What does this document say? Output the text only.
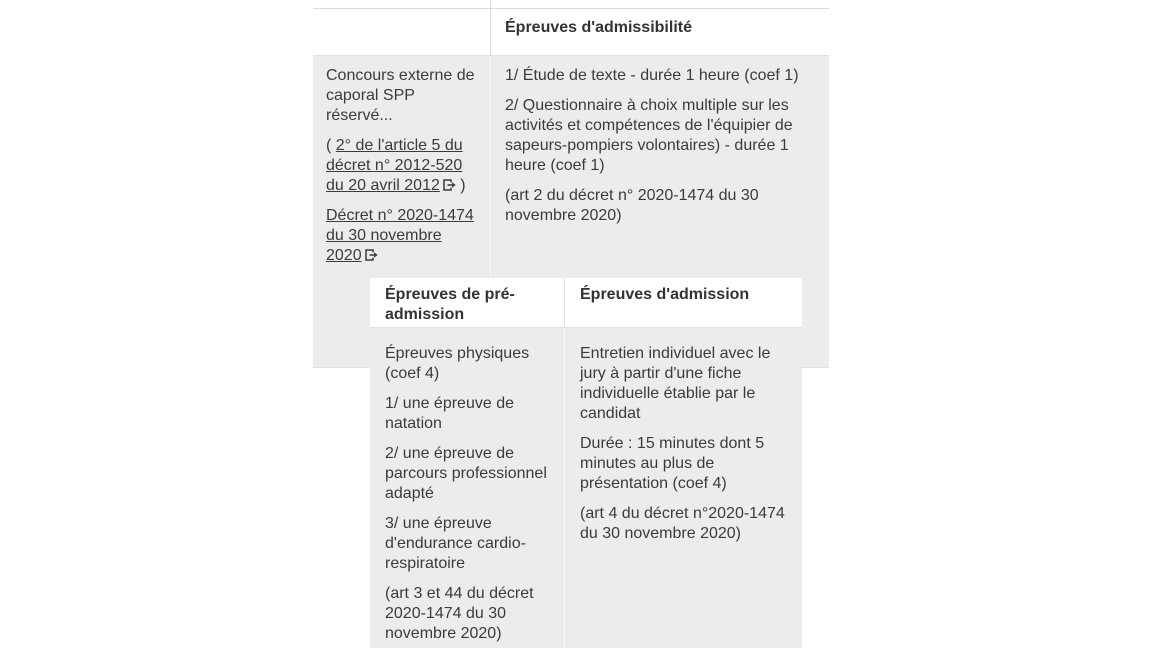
Épreuves d'admissibilité

Concours externe de caporal SPP réservé...

( 2° de l'article 5 du décret n° 2012-520 du 20 avril 2012
)

Décret n° 2020-1474 du 30 novembre 2020

1/ Étude de texte - durée 1 heure (coef 1)

2/ Questionnaire à choix multiple sur les activités et compétences de l'équipier de sapeurs-pompiers volontaires) - durée 1 heure (coef 1)

(art 2 du décret n° 2020-1474 du 30 novembre 2020)

Épreuves de pré-admission
Épreuves d'admission

Épreuves physiques (coef 4)

1/ une épreuve de natation

2/ une épreuve de parcours professionnel adapté

3/ une épreuve d'endurance cardio-respiratoire

(art 3 et 44 du décret 2020-1474 du 30 novembre 2020)

Entretien individuel avec le jury à partir d'une fiche individuelle établie par le candidat

Durée : 15 minutes dont 5 minutes au plus de présentation (coef 4)

(art 4 du décret n°2020-1474 du 30 novembre 2020)
